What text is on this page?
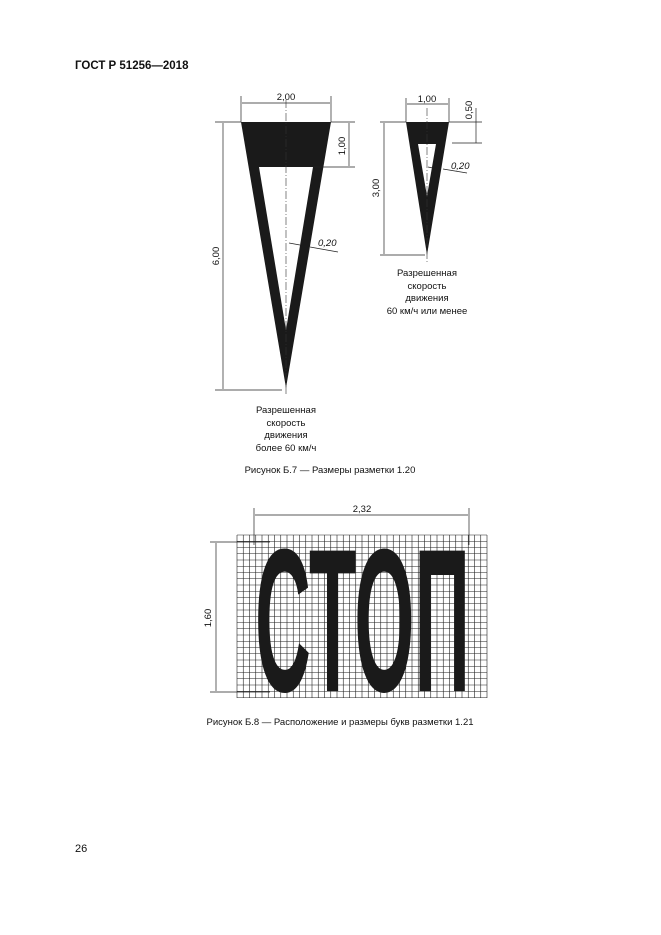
ГОСТ Р 51256—2018
2,00
1,00
6,00
0,20
1,00
0,50
3,00
0,20
СТОП
2,32
1,60
Разрешенная
скорость
движения
более 60 км/ч
Разрешенная
скорость
движения
60 км/ч или менее
Рисунок Б.7 — Размеры разметки 1.20
Рисунок Б.8 — Расположение и размеры букв разметки 1.21
26
